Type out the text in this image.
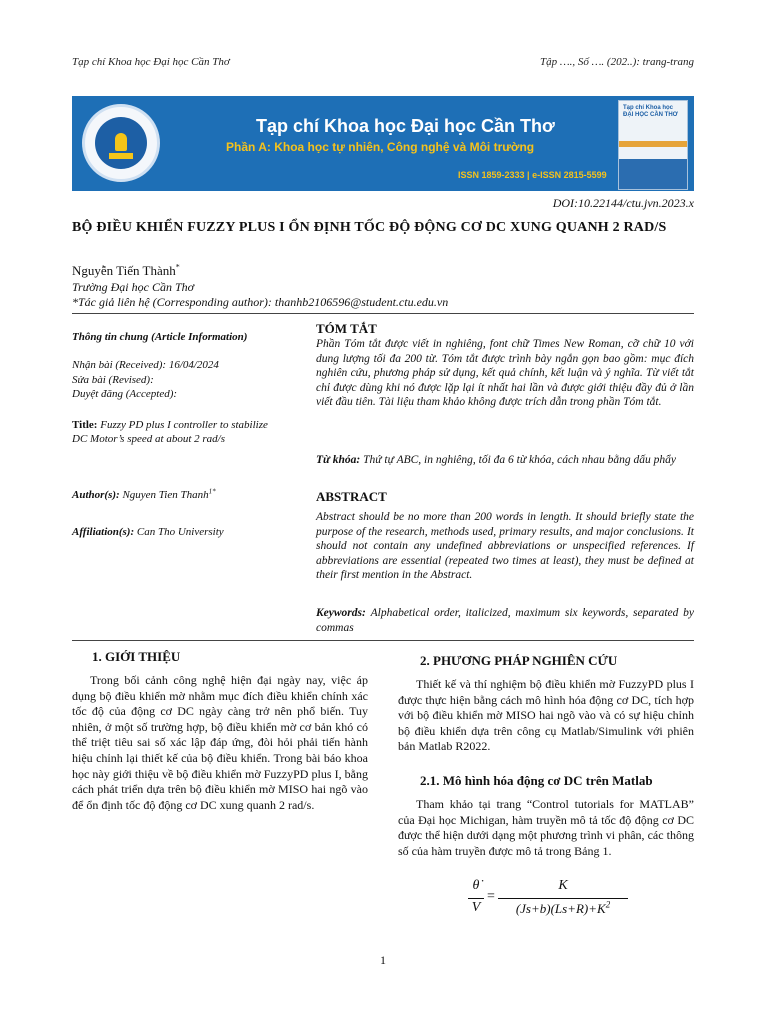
Tạp chí Khoa học Đại học Cần Thơ	Tập …., Số …. (202..): trang-trang
Tạp chí Khoa học Đại học Cần Thơ
Phần A: Khoa học tự nhiên, Công nghệ và Môi trường
ISSN 1859-2333 | e-ISSN 2815-5599
Tạp chí Khoa học ĐẠI HỌC CẦN THƠ
DOI:10.22144/ctu.jvn.2023.x
BỘ ĐIỀU KHIỂN FUZZY PLUS I ỔN ĐỊNH TỐC ĐỘ ĐỘNG CƠ DC XUNG QUANH 2 RAD/S
Nguyễn Tiến Thành*
Trường Đại học Cần Thơ
*Tác giả liên hệ (Corresponding author): thanhb2106596@student.ctu.edu.vn
Thông tin chung (Article Information)
Nhận bài (Received): 16/04/2024
Sửa bài (Revised):
Duyệt đăng (Accepted):
Title: Fuzzy PD plus I controller to stabilize DC Motor’s speed at about 2 rad/s
Author(s): Nguyen Tien Thanh$^{1*}$
Affiliation(s): Can Tho University
TÓM TẮT
Phần Tóm tắt được viết in nghiêng, font chữ Times New Roman, cỡ chữ 10 với dung lượng tối đa 200 từ. Tóm tắt được trình bày ngắn gọn bao gồm: mục đích nghiên cứu, phương pháp sử dụng, kết quả chính, kết luận và ý nghĩa. Từ viết tắt chỉ được dùng khi nó được lặp lại ít nhất hai lần và được giới thiệu đầy đủ ở lần viết đầu tiên. Tài liệu tham khảo không được trích dẫn trong phần Tóm tắt.
Từ khóa: Thứ tự ABC, in nghiêng, tối đa 6 từ khóa, cách nhau bằng dấu phẩy
ABSTRACT
Abstract should be no more than 200 words in length. It should briefly state the purpose of the research, methods used, primary results, and major conclusions. It should not contain any undefined abbreviations or unspecified references. If abbreviations are essential (repeated two times at least), they must be defined at their first mention in the Abstract.
Keywords: Alphabetical order, italicized, maximum six keywords, separated by commas
1. GIỚI THIỆU

Trong bối cảnh công nghệ hiện đại ngày nay, việc áp dụng bộ điều khiển mờ nhằm mục đích điều khiển chính xác tốc độ của động cơ DC ngày càng trở nên phổ biến. Tuy nhiên, ở một số trường hợp, bộ điều khiển mờ cơ bản khó có thể triệt tiêu sai số xác lập đáp ứng, đòi hỏi phải tiến hành hiệu chỉnh lại thiết kế của bộ điều khiển. Trong bài báo khoa học này giới thiệu về bộ điều khiển mờ FuzzyPD plus I, bằng cách phát triển dựa trên bộ điều khiển mờ MISO hai ngõ vào để ổn định tốc độ động cơ DC xung quanh 2 rad/s.

2. PHƯƠNG PHÁP NGHIÊN CỨU

Thiết kế và thí nghiệm bộ điều khiển mờ FuzzyPD plus I được thực hiện bằng cách mô hình hóa động cơ DC, tích hợp với bộ điều khiển mờ MISO hai ngõ vào và có sự hiệu chỉnh bộ điều khiển dựa trên công cụ Matlab/Simulink với phiên bản Matlab R2022.

2.1. Mô hình hóa động cơ DC trên Matlab

Tham khảo tại trang “Control tutorials for MATLAB” của Đại học Michigan, hàm truyền mô tả tốc độ động cơ DC được thể hiện dưới dạng một phương trình vi phân, các thông số của hàm truyền được mô tả trong Bảng 1.

θ̇
V
=
K
$(Js+b)(Ls+R)+K^2$
1
